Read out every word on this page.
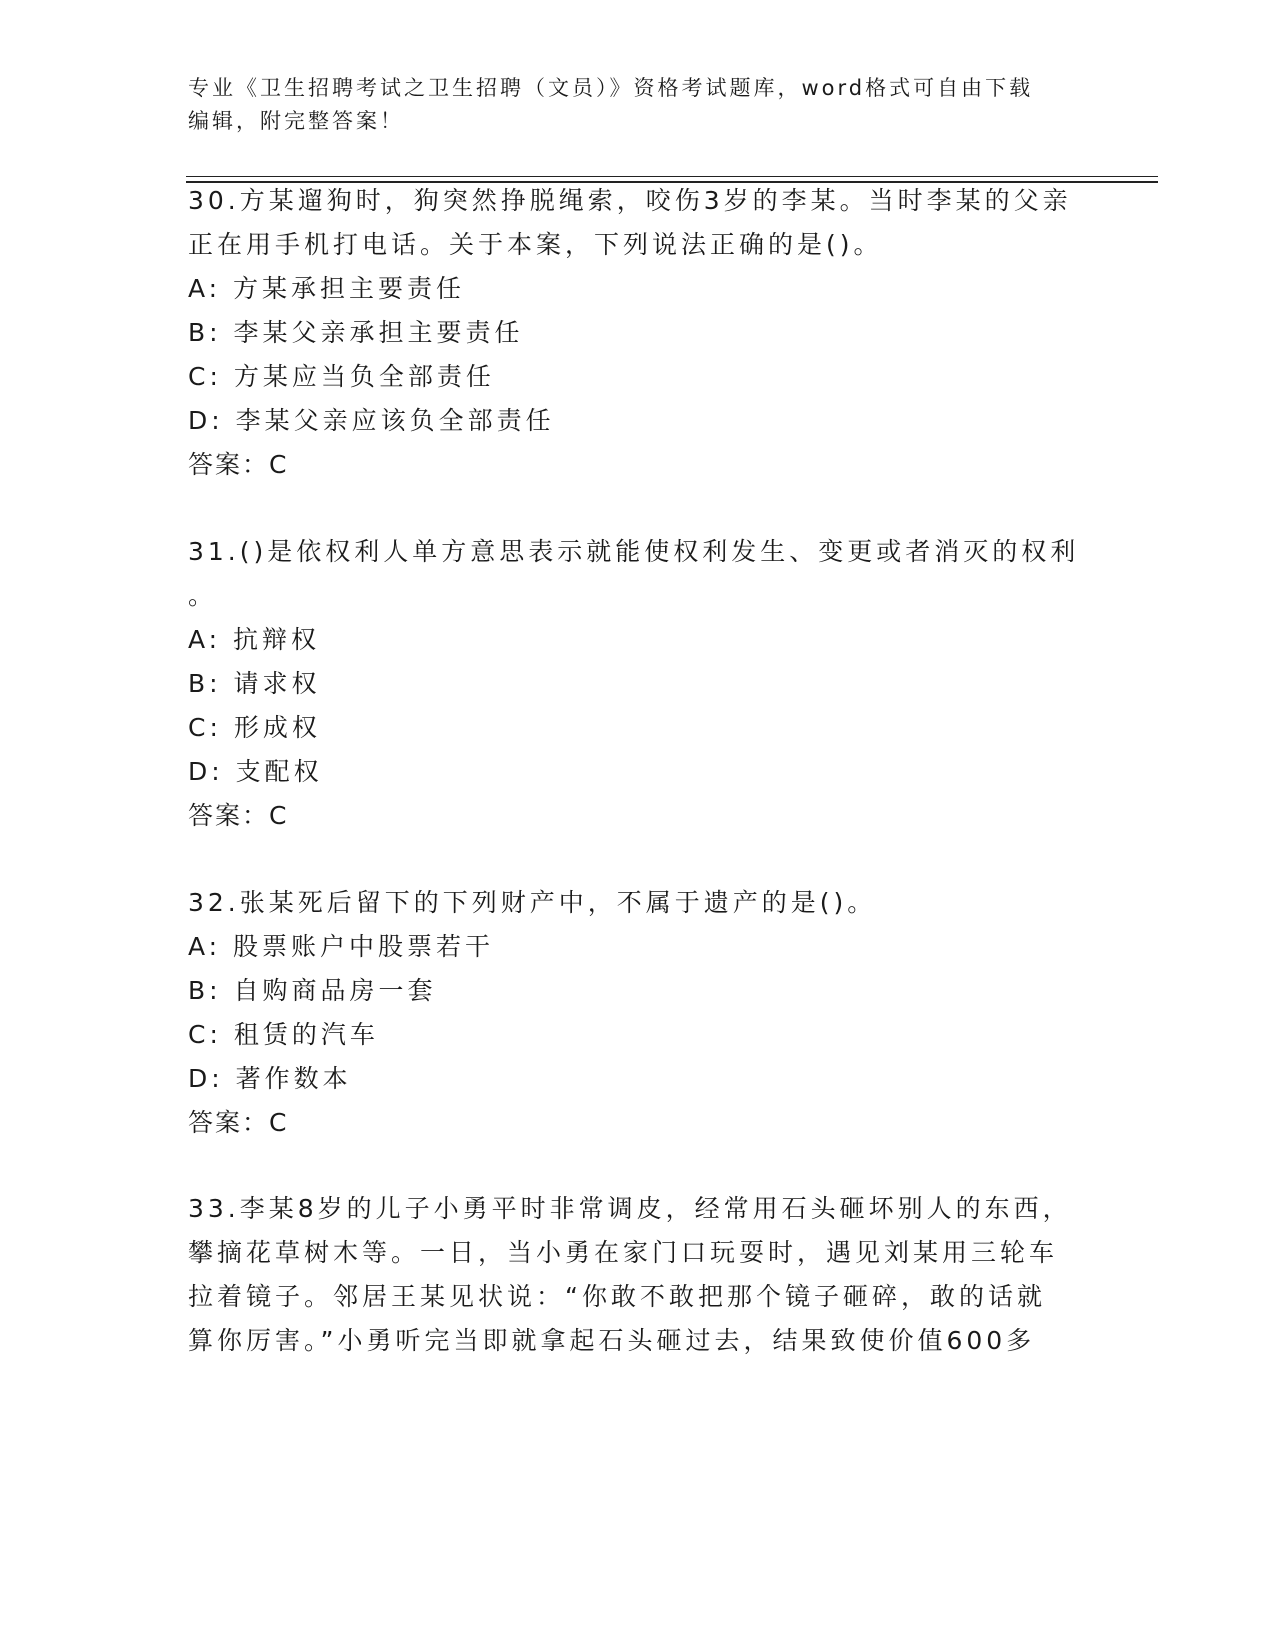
专业《卫生招聘考试之卫生招聘（文员）》资格考试题库，word格式可自由下载
编辑，附完整答案！
30.方某遛狗时，狗突然挣脱绳索，咬伤3岁的李某。当时李某的父亲
正在用手机打电话。关于本案，下列说法正确的是()。
A: 方某承担主要责任
B: 李某父亲承担主要责任
C: 方某应当负全部责任
D: 李某父亲应该负全部责任
答案：C
31.()是依权利人单方意思表示就能使权利发生、变更或者消灭的权利
。
A: 抗辩权
B: 请求权
C: 形成权
D: 支配权
答案：C
32.张某死后留下的下列财产中，不属于遗产的是()。
A: 股票账户中股票若干
B: 自购商品房一套
C: 租赁的汽车
D: 著作数本
答案：C
33.李某8岁的儿子小勇平时非常调皮，经常用石头砸坏别人的东西，
攀摘花草树木等。一日，当小勇在家门口玩耍时，遇见刘某用三轮车
拉着镜子。邻居王某见状说：“你敢不敢把那个镜子砸碎，敢的话就
算你厉害。”小勇听完当即就拿起石头砸过去，结果致使价值600多
